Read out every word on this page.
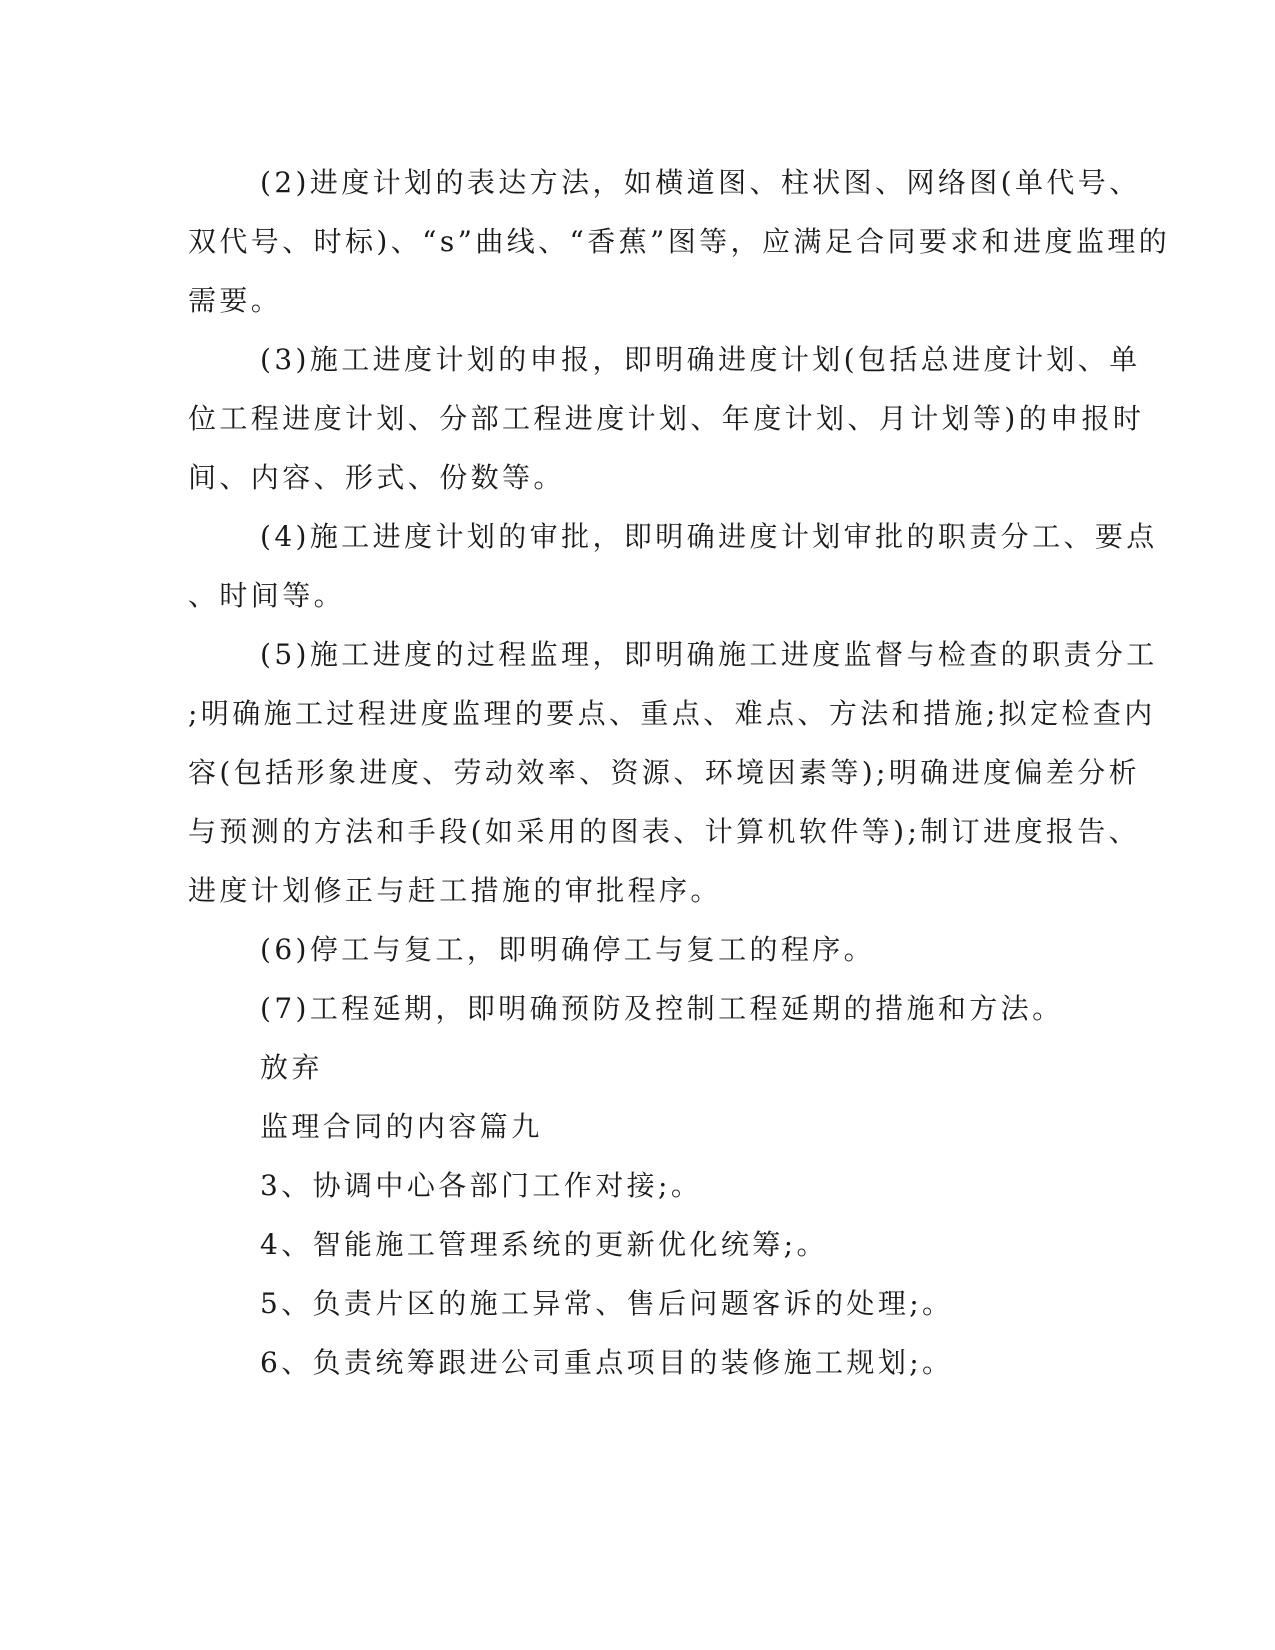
(2)进度计划的表达方法，如横道图、柱状图、网络图(单代号、
双代号、时标)、“s”曲线、“香蕉”图等，应满足合同要求和进度监理的
需要。
(3)施工进度计划的申报，即明确进度计划(包括总进度计划、单
位工程进度计划、分部工程进度计划、年度计划、月计划等)的申报时
间、内容、形式、份数等。
(4)施工进度计划的审批，即明确进度计划审批的职责分工、要点
、时间等。
(5)施工进度的过程监理，即明确施工进度监督与检查的职责分工
;明确施工过程进度监理的要点、重点、难点、方法和措施;拟定检查内
容(包括形象进度、劳动效率、资源、环境因素等);明确进度偏差分析
与预测的方法和手段(如采用的图表、计算机软件等);制订进度报告、
进度计划修正与赶工措施的审批程序。
(6)停工与复工，即明确停工与复工的程序。
(7)工程延期，即明确预防及控制工程延期的措施和方法。
放弃
监理合同的内容篇九
3、协调中心各部门工作对接;。
4、智能施工管理系统的更新优化统筹;。
5、负责片区的施工异常、售后问题客诉的处理;。
6、负责统筹跟进公司重点项目的装修施工规划;。
